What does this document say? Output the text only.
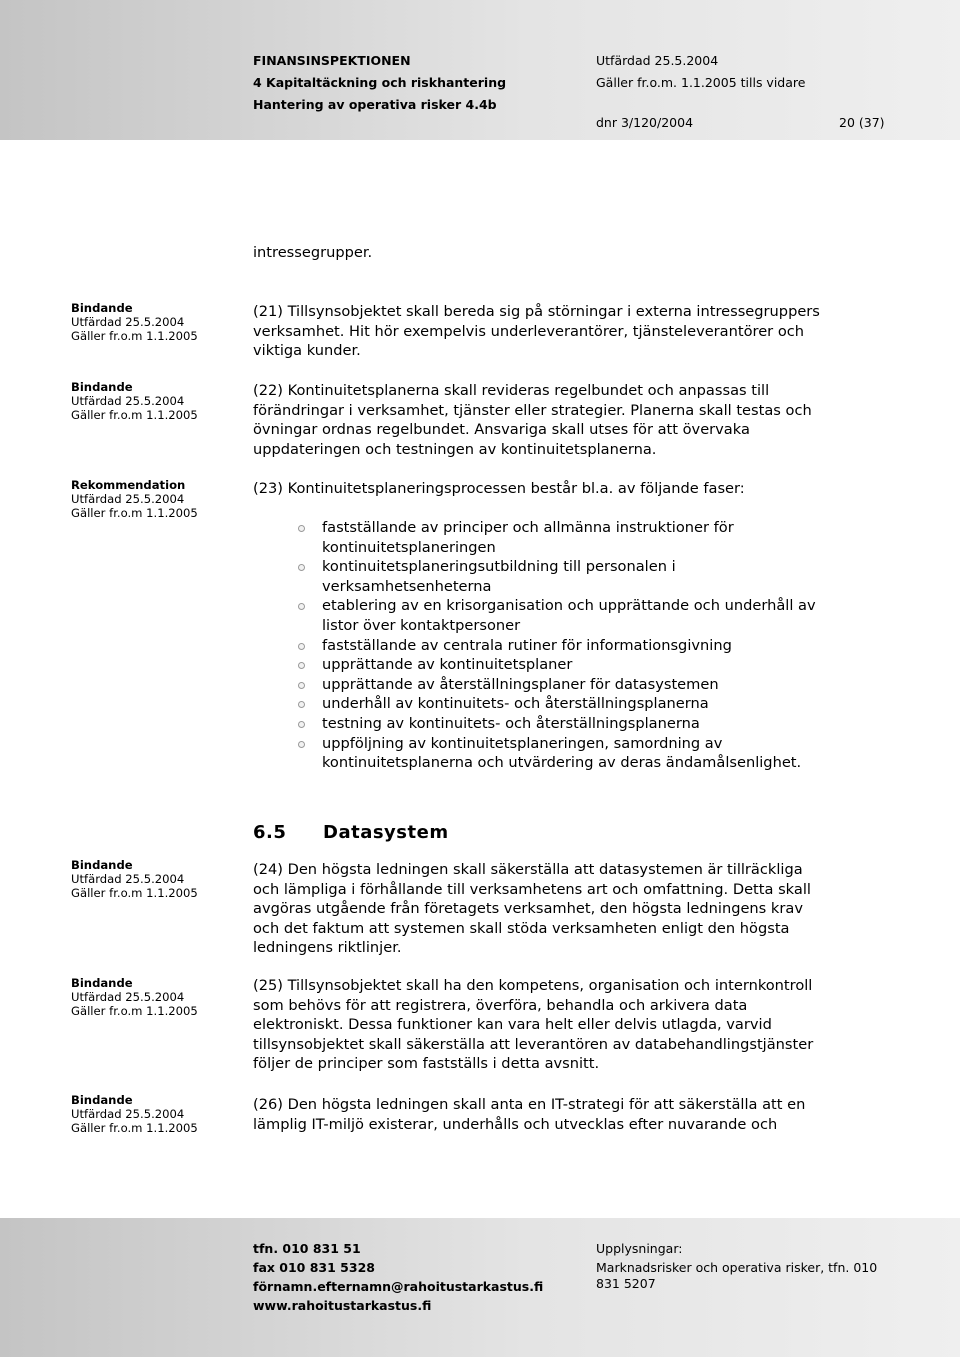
FINANSINSPEKTIONEN
4 Kapitaltäckning och riskhantering
Hantering av operativa risker 4.4b
Utfärdad 25.5.2004
Gäller fr.o.m. 1.1.2005 tills vidare
dnr 3/120/2004	20 (37)
intressegrupper.
Bindande
Utfärdad 25.5.2004
Gäller fr.o.m 1.1.2005
Bindande
Utfärdad 25.5.2004
Gäller fr.o.m 1.1.2005
Rekommendation
Utfärdad 25.5.2004
Gäller fr.o.m 1.1.2005
Bindande
Utfärdad 25.5.2004
Gäller fr.o.m 1.1.2005
Bindande
Utfärdad 25.5.2004
Gäller fr.o.m 1.1.2005
Bindande
Utfärdad 25.5.2004
Gäller fr.o.m 1.1.2005
(21) Tillsynsobjektet skall bereda sig på störningar i externa intressegruppers
verksamhet. Hit hör exempelvis underleverantörer, tjänsteleverantörer och
viktiga kunder.
(22) Kontinuitetsplanerna skall revideras regelbundet och anpassas till
förändringar i verksamhet, tjänster eller strategier. Planerna skall testas och
övningar ordnas regelbundet. Ansvariga skall utses för att övervaka
uppdateringen och testningen av kontinuitetsplanerna.
(23) Kontinuitetsplaneringsprocessen består bl.a. av följande faser:
fastställande av principer och allmänna instruktioner för
kontinuitetsplaneringen
kontinuitetsplaneringsutbildning till personalen i
verksamhetsenheterna
etablering av en krisorganisation och upprättande och underhåll av
listor över kontaktpersoner
fastställande av centrala rutiner för informationsgivning
upprättande av kontinuitetsplaner
upprättande av återställningsplaner för datasystemen
underhåll av kontinuitets- och återställningsplanerna
testning av kontinuitets- och återställningsplanerna
uppföljning av kontinuitetsplaneringen, samordning av
kontinuitetsplanerna och utvärdering av deras ändamålsenlighet.
6.5 Datasystem
(24) Den högsta ledningen skall säkerställa att datasystemen är tillräckliga
och lämpliga i förhållande till verksamhetens art och omfattning. Detta skall
avgöras utgående från företagets verksamhet, den högsta ledningens krav
och det faktum att systemen skall stöda verksamheten enligt den högsta
ledningens riktlinjer.
(25) Tillsynsobjektet skall ha den kompetens, organisation och internkontroll
som behövs för att registrera, överföra, behandla och arkivera data
elektroniskt. Dessa funktioner kan vara helt eller delvis utlagda, varvid
tillsynsobjektet skall säkerställa att leverantören av databehandlingstjänster
följer de principer som fastställs i detta avsnitt.
(26) Den högsta ledningen skall anta en IT-strategi för att säkerställa att en
lämplig IT-miljö existerar, underhålls och utvecklas efter nuvarande och
tfn. 010 831 51
fax 010 831 5328
förnamn.efternamn@rahoitustarkastus.fi
www.rahoitustarkastus.fi
Upplysningar:
Marknadsrisker och operativa risker, tfn. 010
831 5207
